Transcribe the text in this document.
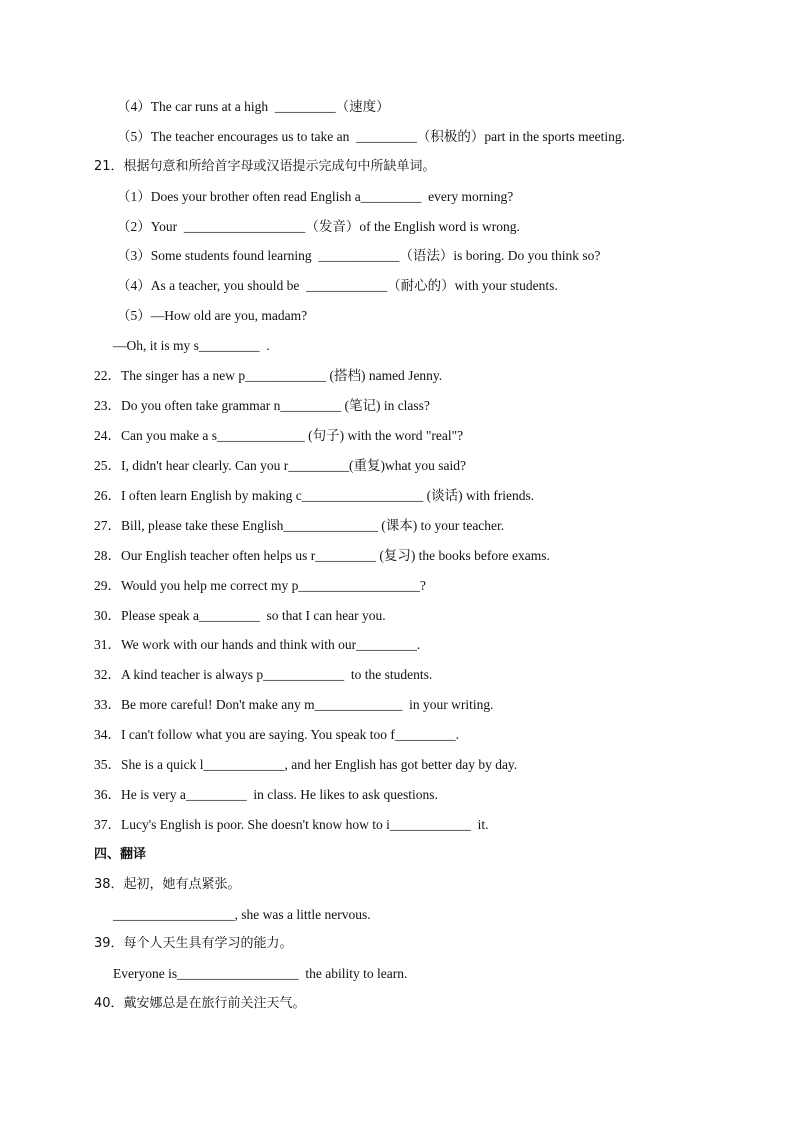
（4）The car runs at a high  _________（速度）
（5）The teacher encourages us to take an  _________（积极的）part in the sports meeting.
21．根据句意和所给首字母或汉语提示完成句中所缺单词。
（1）Does your brother often read English a_________  every morning?
（2）Your  __________________（发音）of the English word is wrong.
（3）Some students found learning  ____________（语法）is boring. Do you think so?
（4）As a teacher, you should be  ____________（耐心的）with your students.
（5）—How old are you, madam?
—Oh, it is my s_________  .
22．The singer has a new p____________ (搭档) named Jenny.
23．Do you often take grammar n_________ (笔记) in class?
24．Can you make a s_____________ (句子) with the word "real"?
25．I, didn't hear clearly. Can you r_________(重复)what you said?
26．I often learn English by making c__________________ (谈话) with friends.
27．Bill, please take these English______________ (课本) to your teacher.
28．Our English teacher often helps us r_________ (复习) the books before exams.
29．Would you help me correct my p__________________?
30．Please speak a_________  so that I can hear you.
31．We work with our hands and think with our_________.
32．A kind teacher is always p____________  to the students.
33．Be more careful! Don't make any m_____________  in your writing.
34．I can't follow what you are saying. You speak too f_________.
35．She is a quick l____________, and her English has got better day by day.
36．He is very a_________  in class. He likes to ask questions.
37．Lucy's English is poor. She doesn't know how to i____________  it.
四、翻译
38．起初，她有点紧张。
__________________, she was a little nervous.
39．每个人天生具有学习的能力。
Everyone is__________________  the ability to learn.
40．戴安娜总是在旅行前关注天气。
